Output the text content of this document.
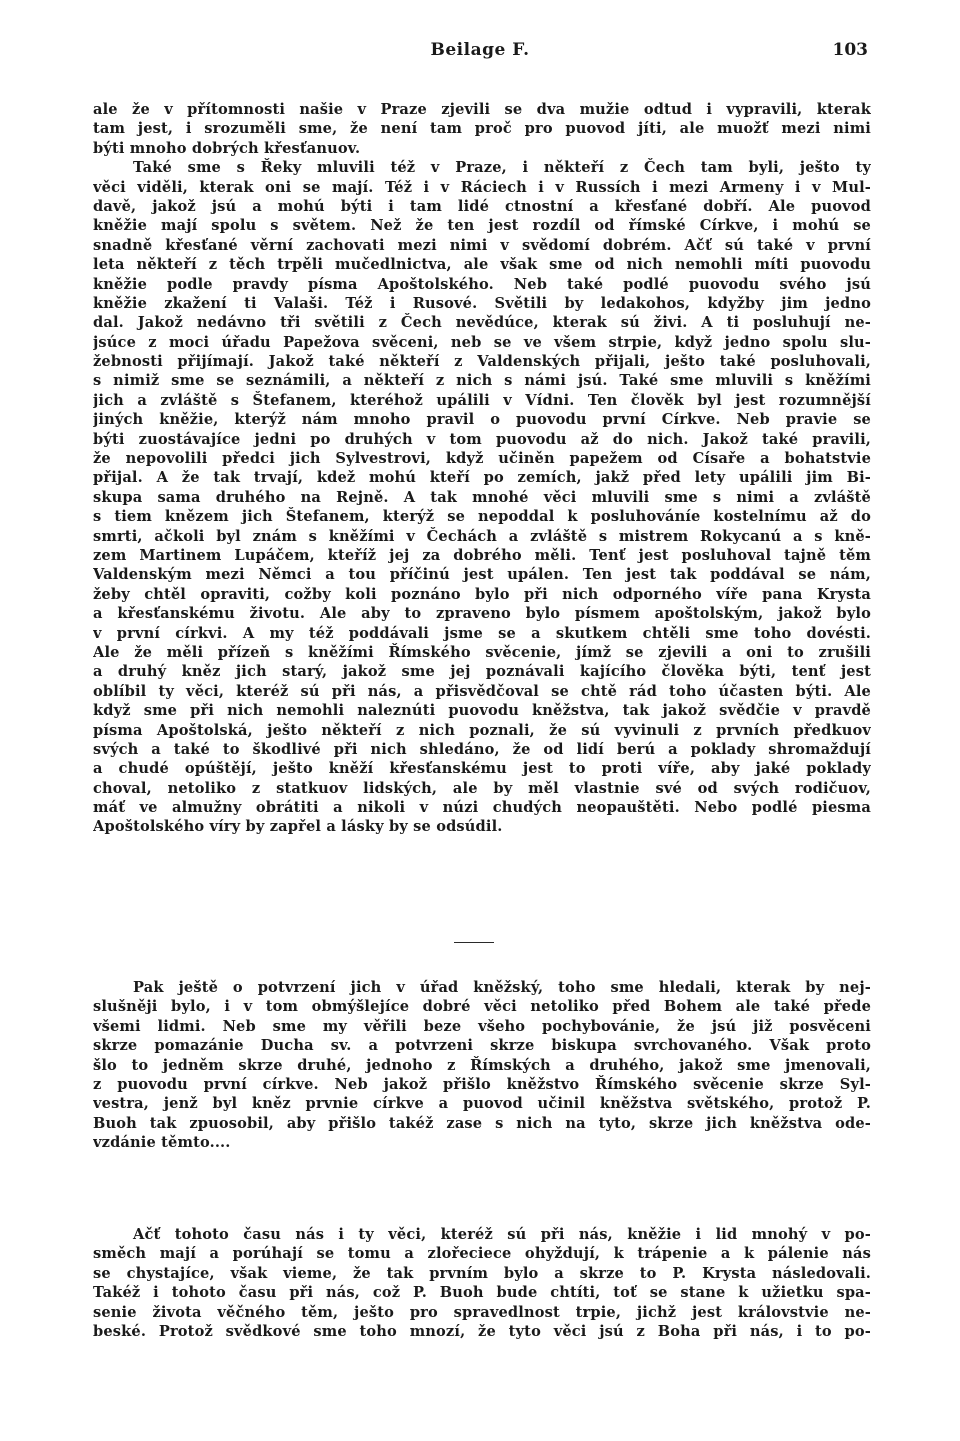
Beilage F.	103
ale že v přítomnosti našie v Praze zjevili se dva mužie odtud i vypravili, kterak
tam jest, i srozuměli sme, že není tam proč pro puovod jíti, ale muožť mezi nimi
býti mnoho dobrých křesťanuov.
Také sme s Řeky mluvili též v Praze, i někteří z Čech tam byli, ješto ty
věci viděli, kterak oni se mají. Též i v Ráciech i v Russích i mezi Armeny i v Mul-
davě, jakož jsú a mohú býti i tam lidé ctnostní a křesťané dobří. Ale puovod
kněžie mají spolu s světem. Než že ten jest rozdíl od římské Církve, i mohú se
snadně křesťané věrní zachovati mezi nimi v svědomí dobrém. Ačť sú také v první
leta někteří z těch trpěli mučedlnictva, ale však sme od nich nemohli míti puovodu
kněžie podle pravdy písma Apoštolského. Neb také podlé puovodu svého jsú
kněžie zkažení ti Valaši. Též i Rusové. Světili by ledakohos, kdyžby jim jedno
dal. Jakož nedávno tři světili z Čech nevědúce, kterak sú živi. A ti posluhují ne-
jsúce z moci úřadu Papežova svěceni, neb se ve všem strpie, když jedno spolu slu-
žebnosti přijímají. Jakož také někteří z Valdenských přijali, ješto také posluhovali,
s nimiž sme se seznámili, a někteří z nich s námi jsú. Také sme mluvili s kněžími
jich a zvláště s Štefanem, kteréhož upálili v Vídni. Ten člověk byl jest rozumnější
jiných kněžie, kterýž nám mnoho pravil o puovodu první Církve. Neb pravie se
býti zuostávajíce jedni po druhých v tom puovodu až do nich. Jakož také pravili,
že nepovolili předci jich Sylvestrovi, když učiněn papežem od Císaře a bohatstvie
přijal. A že tak trvají, kdež mohú kteří po zemích, jakž před lety upálili jim Bi-
skupa sama druhého na Rejně. A tak mnohé věci mluvili sme s nimi a zvláště
s tiem knězem jich Štefanem, kterýž se nepoddal k posluhováníe kostelnímu až do
smrti, ačkoli byl znám s kněžími v Čechách a zvláště s mistrem Rokycanú a s kně-
zem Martinem Lupáčem, kteříž jej za dobrého měli. Tenť jest posluhoval tajně těm
Valdenským mezi Němci a tou příčinú jest upálen. Ten jest tak poddával se nám,
žeby chtěl opraviti, cožby koli poznáno bylo při nich odporného víře pana Krysta
a křesťanskému životu. Ale aby to zpraveno bylo písmem apoštolským, jakož bylo
v první církvi. A my též poddávali jsme se a skutkem chtěli sme toho dovésti.
Ale že měli přízeň s kněžími Římského svěcenie, jímž se zjevili a oni to zrušili
a druhý kněz jich starý, jakož sme jej poznávali kajícího člověka býti, tenť jest
oblíbil ty věci, kteréž sú při nás, a přisvědčoval se chtě rád toho účasten býti. Ale
když sme při nich nemohli naleznúti puovodu kněžstva, tak jakož svědčie v pravdě
písma Apoštolská, ješto někteří z nich poznali, že sú vyvinuli z prvních předkuov
svých a také to škodlivé při nich shledáno, že od lidí berú a poklady shromaždují
a chudé opúštějí, ješto kněží křesťanskému jest to proti víře, aby jaké poklady
choval, netoliko z statkuov lidských, ale by měl vlastnie své od svých rodičuov,
máť ve almužny obrátiti a nikoli v núzi chudých neopauštěti. Nebo podlé piesma
Apoštolského víry by zapřel a lásky by se odsúdil.
Pak ještě o potvrzení jich v úřad kněžský, toho sme hledali, kterak by nej-
slušněji bylo, i v tom obmýšlejíce dobré věci netoliko před Bohem ale také přede
všemi lidmi. Neb sme my věřili beze všeho pochybovánie, že jsú již posvěceni
skrze pomazánie Ducha sv. a potvrzeni skrze biskupa svrchovaného. Však proto
šlo to jedněm skrze druhé, jednoho z Římských a druhého, jakož sme jmenovali,
z puovodu první církve. Neb jakož přišlo kněžstvo Římského svěcenie skrze Syl-
vestra, jenž byl kněz prvnie církve a puovod učinil kněžstva světského, protož P.
Buoh tak zpuosobil, aby přišlo takéž zase s nich na tyto, skrze jich kněžstva ode-
vzdánie těmto....
Ačť tohoto času nás i ty věci, kteréž sú při nás, kněžie i lid mnohý v po-
směch mají a porúhají se tomu a zlořeciece ohyždují, k trápenie a k pálenie nás
se chystajíce, však vieme, že tak prvním bylo a skrze to P. Krysta následovali.
Takéž i tohoto času při nás, což P. Buoh bude chtíti, toť se stane k užietku spa-
senie života věčného těm, ješto pro spravedlnost trpie, jichž jest královstvie ne-
beské. Protož svědkové sme toho mnozí, že tyto věci jsú z Boha při nás, i to po-
